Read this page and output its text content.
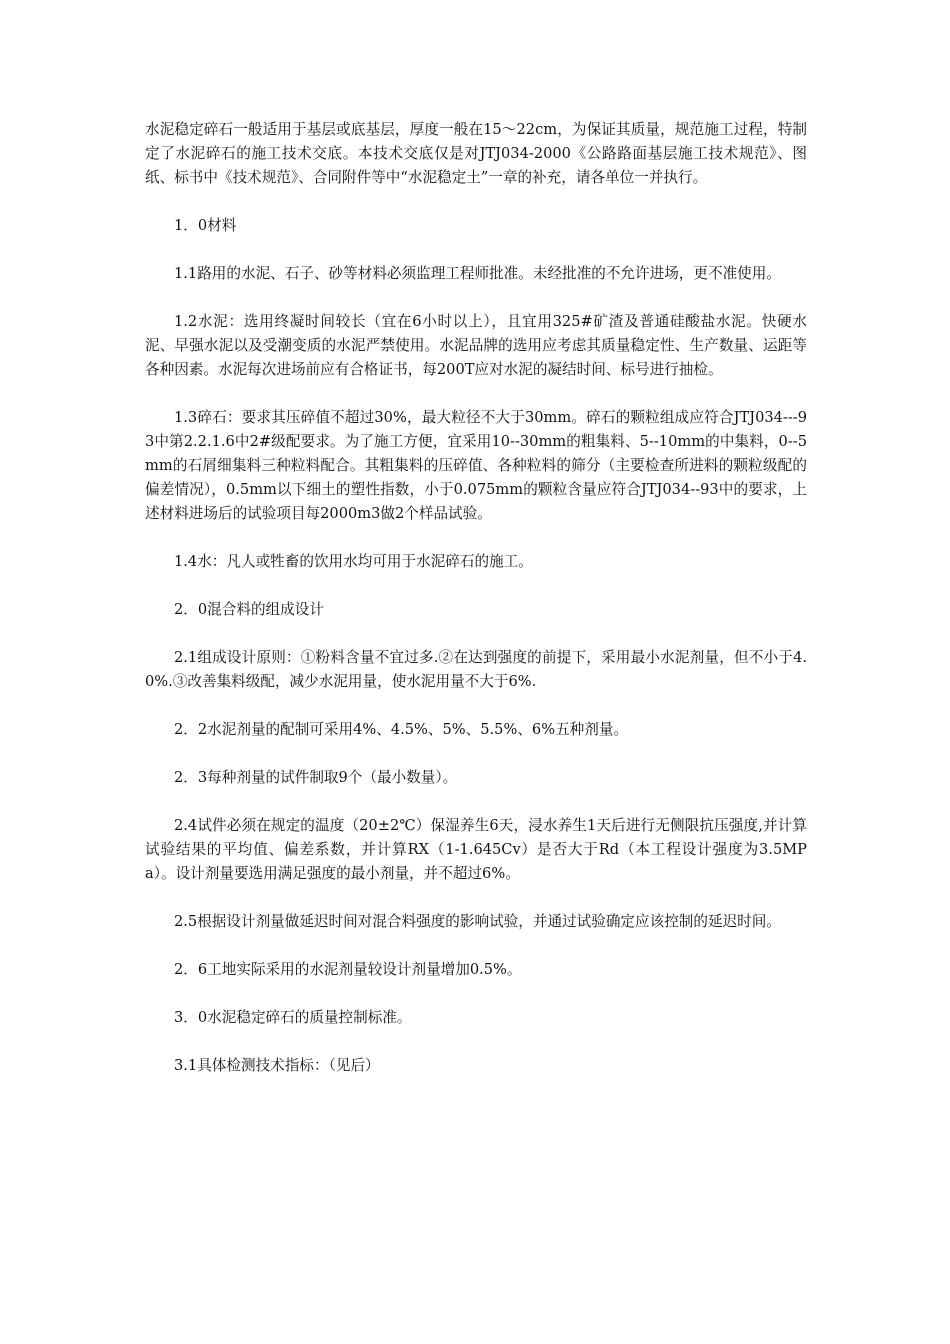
水泥稳定碎石一般适用于基层或底基层，厚度一般在15～22cm，为保证其质量，规范施工过程，特制定了水泥碎石的施工技术交底。本技术交底仅是对JTJ034-2000《公路路面基层施工技术规范》、图纸、标书中《技术规范》、合同附件等中“水泥稳定土”一章的补充，请各单位一并执行。

1．0材料

1.1路用的水泥、石子、砂等材料必须监理工程师批准。未经批准的不允许进场，更不准使用。

1.2水泥：选用终凝时间较长（宜在6小时以上），且宜用325#矿渣及普通硅酸盐水泥。快硬水泥、早强水泥以及受潮变质的水泥严禁使用。水泥品牌的选用应考虑其质量稳定性、生产数量、运距等各种因素。水泥每次进场前应有合格证书，每200T应对水泥的凝结时间、标号进行抽检。

1.3碎石：要求其压碎值不超过30%，最大粒径不大于30mm。碎石的颗粒组成应符合JTJ034---93中第2.2.1.6中2#级配要求。为了施工方便，宜采用10--30mm的粗集料、5--10mm的中集料，0--5mm的石屑细集料三种粒料配合。其粗集料的压碎值、各种粒料的筛分（主要检查所进料的颗粒级配的偏差情况），0.5mm以下细土的塑性指数，小于0.075mm的颗粒含量应符合JTJ034--93中的要求，上述材料进场后的试验项目每2000m3做2个样品试验。

1.4水：凡人或牲畜的饮用水均可用于水泥碎石的施工。

2．0混合料的组成设计

2.1组成设计原则：①粉料含量不宜过多.②在达到强度的前提下，采用最小水泥剂量，但不小于4.0%.③改善集料级配，减少水泥用量，使水泥用量不大于6%.

2．2水泥剂量的配制可采用4%、4.5%、5%、5.5%、6%五种剂量。

2．3每种剂量的试件制取9个（最小数量）。

2.4试件必须在规定的温度（20±2℃）保湿养生6天，浸水养生1天后进行无侧限抗压强度,并计算试验结果的平均值、偏差系数，并计算RX（1-1.645Cv）是否大于Rd（本工程设计强度为3.5MPa）。设计剂量要选用满足强度的最小剂量，并不超过6%。

2.5根据设计剂量做延迟时间对混合料强度的影响试验，并通过试验确定应该控制的延迟时间。

2．6工地实际采用的水泥剂量较设计剂量增加0.5%。

3．0水泥稳定碎石的质量控制标准。

3.1具体检测技术指标：（见后）
